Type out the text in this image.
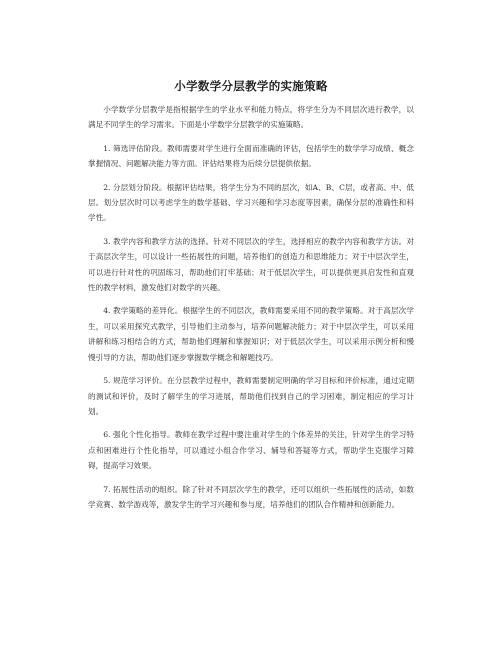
小学数学分层教学的实施策略

小学数学分层教学是指根据学生的学业水平和能力特点，将学生分为不同层次进行教学，以满足不同学生的学习需求。下面是小学数学分层教学的实施策略。

1. 筛选评估阶段。教师需要对学生进行全面而准确的评估，包括学生的数学学习成绩、概念掌握情况、问题解决能力等方面。评估结果将为后续分层提供依据。

2. 分层划分阶段。根据评估结果，将学生分为不同的层次，如A、B、C层，或者高、中、低层。划分层次时可以考虑学生的数学基础、学习兴趣和学习态度等因素，确保分层的准确性和科学性。

3. 教学内容和教学方法的选择。针对不同层次的学生，选择相应的教学内容和教学方法。对于高层次学生，可以设计一些拓展性的问题，培养他们的创造力和思维能力；对于中层次学生，可以进行针对性的巩固练习，帮助他们打牢基础；对于低层次学生，可以提供更具启发性和直观性的教学材料，激发他们对数学的兴趣。

4. 教学策略的差异化。根据学生的不同层次，教师需要采用不同的教学策略。对于高层次学生，可以采用探究式教学，引导他们主动参与，培养问题解决能力；对于中层次学生，可以采用讲解和练习相结合的方式，帮助他们理解和掌握知识；对于低层次学生，可以采用示例分析和慢慢引导的方法，帮助他们逐步掌握数学概念和解题技巧。

5. 规范学习评价。在分层教学过程中，教师需要制定明确的学习目标和评价标准，通过定期的测试和评价，及时了解学生的学习进展，帮助他们找到自己的学习困难，制定相应的学习计划。

6. 强化个性化指导。教师在教学过程中要注重对学生的个体差异的关注，针对学生的学习特点和困难进行个性化指导，可以通过小组合作学习、辅导和答疑等方式，帮助学生克服学习障碍，提高学习效果。

7. 拓展性活动的组织。除了针对不同层次学生的教学，还可以组织一些拓展性的活动，如数学竞赛、数学游戏等，激发学生的学习兴趣和参与度，培养他们的团队合作精神和创新能力。
